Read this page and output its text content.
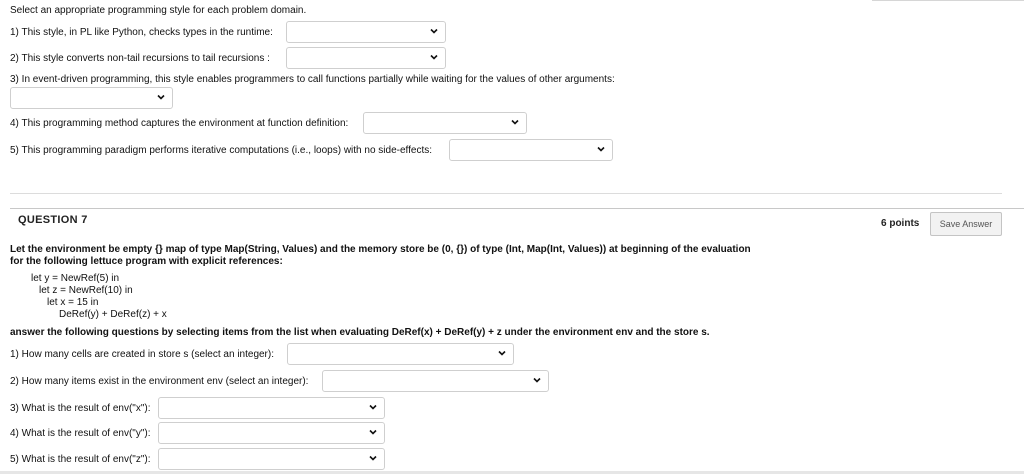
Select an appropriate programming style for each problem domain.
1) This style, in PL like Python, checks types in the runtime:
2) This style converts non-tail recursions to tail recursions :
3) In event-driven programming, this style enables programmers to call functions partially while waiting for the values of other arguments:
4) This programming method captures the environment at function definition:
5) This programming paradigm performs iterative computations (i.e., loops) with no side-effects:
QUESTION 7	6 points	Save Answer
Let the environment be empty {} map of type Map(String, Values) and the memory store be (0, {}) of type (Int, Map(Int, Values)) at beginning of the evaluation
for the following lettuce program with explicit references:
let y = NewRef(5) in
let z = NewRef(10) in
let x = 15 in
DeRef(y) + DeRef(z) + x
answer the following questions by selecting items from the list when evaluating DeRef(x) + DeRef(y) + z under the environment env and the store s.
1) How many cells are created in store s (select an integer):
2) How many items exist in the environment env (select an integer):
3) What is the result of env("x"):
4) What is the result of env("y"):
5) What is the result of env("z"):
